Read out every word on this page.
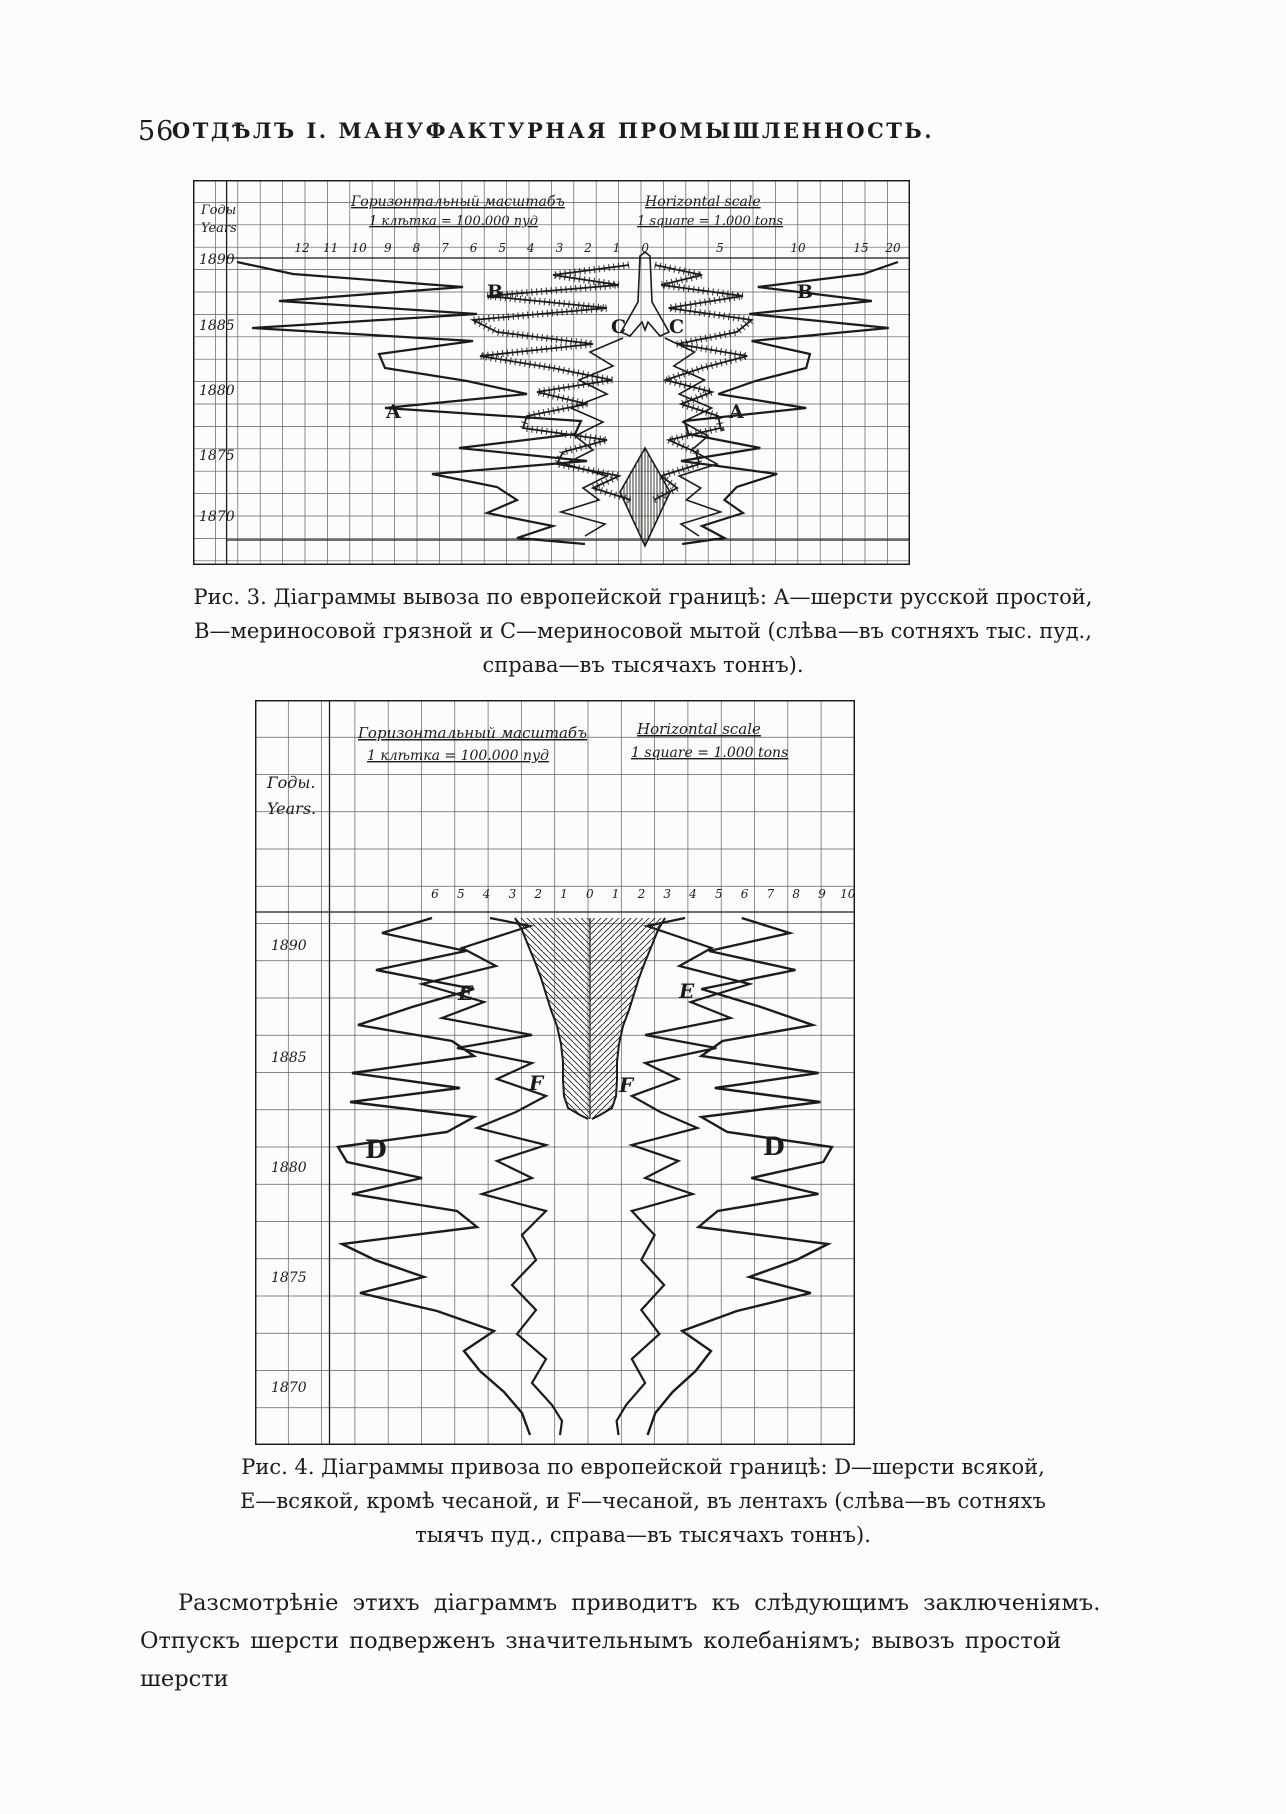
56
ОТДѢЛЪ I. МАНУФАКТУРНАЯ ПРОМЫШЛЕННОСТЬ.
12 11 10 9 8 7 6 5 4 3 2 1 0	5	10	15 20
1890
1885
1880
1875
1870
Годы
Years
Горизонтальный масштабъ
1 клѣтка = 100.000 пуд
Horizontal scale
1 square = 1.000 tons
A	A
B	B
C C
Рис. 3. Діаграммы вывоза по европейской границѣ: А—шерсти русской простой,
В—мериносовой грязной и С—мериносовой мытой (слѣва—въ сотняхъ тыс. пуд.,
справа—въ тысячахъ тоннъ).
6 5 4 3 2 1 0 1 2 3 4 5 6 7 8 9 10
1890
1885
1880
1875
1870
Годы.
Years.
Горизонтальный масштабъ
1 клѣтка = 100.000 пуд
Horizontal scale
1 square = 1.000 tons
D	D
E	E
F	F
Рис. 4. Діаграммы привоза по европейской границѣ: D—шерсти всякой,
Е—всякой, кромѣ чесаной, и F—чесаной, въ лентахъ (слѣва—въ сотняхъ
тыячъ пуд., справа—въ тысячахъ тоннъ).
Разсмотрѣніе этихъ діаграммъ приводитъ къ слѣдующимъ заключеніямъ.
Отпускъ шерсти подверженъ значительнымъ колебаніямъ; вывозъ простой шерсти
